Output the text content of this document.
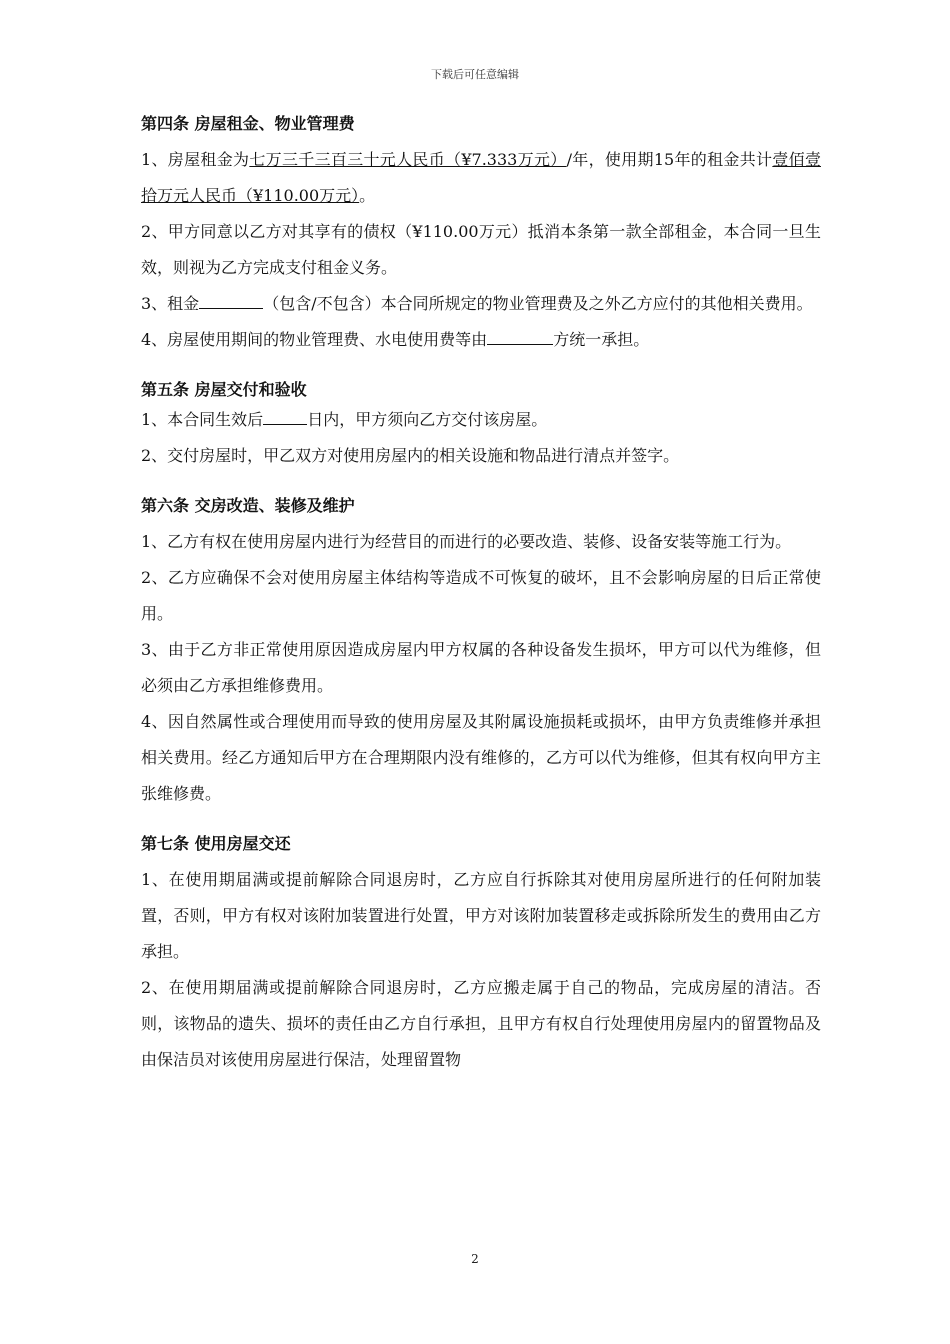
下载后可任意编辑

第四条 房屋租金、物业管理费

1、房屋租金为七万三千三百三十元人民币（¥7.333万元）/年，使用期15年的租金共计壹佰壹拾万元人民币（¥110.00万元）。

2、甲方同意以乙方对其享有的债权（¥110.00万元）抵消本条第一款全部租金，本合同一旦生效，则视为乙方完成支付租金义务。

3、租金	（包含/不包含）本合同所规定的物业管理费及之外乙方应付的其他相关费用。

4、房屋使用期间的物业管理费、水电使用费等由	方统一承担。

第五条 房屋交付和验收

1、本合同生效后	日内，甲方须向乙方交付该房屋。

2、交付房屋时，甲乙双方对使用房屋内的相关设施和物品进行清点并签字。

第六条 交房改造、装修及维护

1、乙方有权在使用房屋内进行为经营目的而进行的必要改造、装修、设备安装等施工行为。

2、乙方应确保不会对使用房屋主体结构等造成不可恢复的破坏，且不会影响房屋的日后正常使用。

3、由于乙方非正常使用原因造成房屋内甲方权属的各种设备发生损坏，甲方可以代为维修，但必须由乙方承担维修费用。

4、因自然属性或合理使用而导致的使用房屋及其附属设施损耗或损坏，由甲方负责维修并承担相关费用。经乙方通知后甲方在合理期限内没有维修的，乙方可以代为维修，但其有权向甲方主张维修费。

第七条 使用房屋交还

1、在使用期届满或提前解除合同退房时，乙方应自行拆除其对使用房屋所进行的任何附加装置，否则，甲方有权对该附加装置进行处置，甲方对该附加装置移走或拆除所发生的费用由乙方承担。

2、在使用期届满或提前解除合同退房时，乙方应搬走属于自己的物品，完成房屋的清洁。否则，该物品的遗失、损坏的责任由乙方自行承担，且甲方有权自行处理使用房屋内的留置物品及由保洁员对该使用房屋进行保洁，处理留置物

2
